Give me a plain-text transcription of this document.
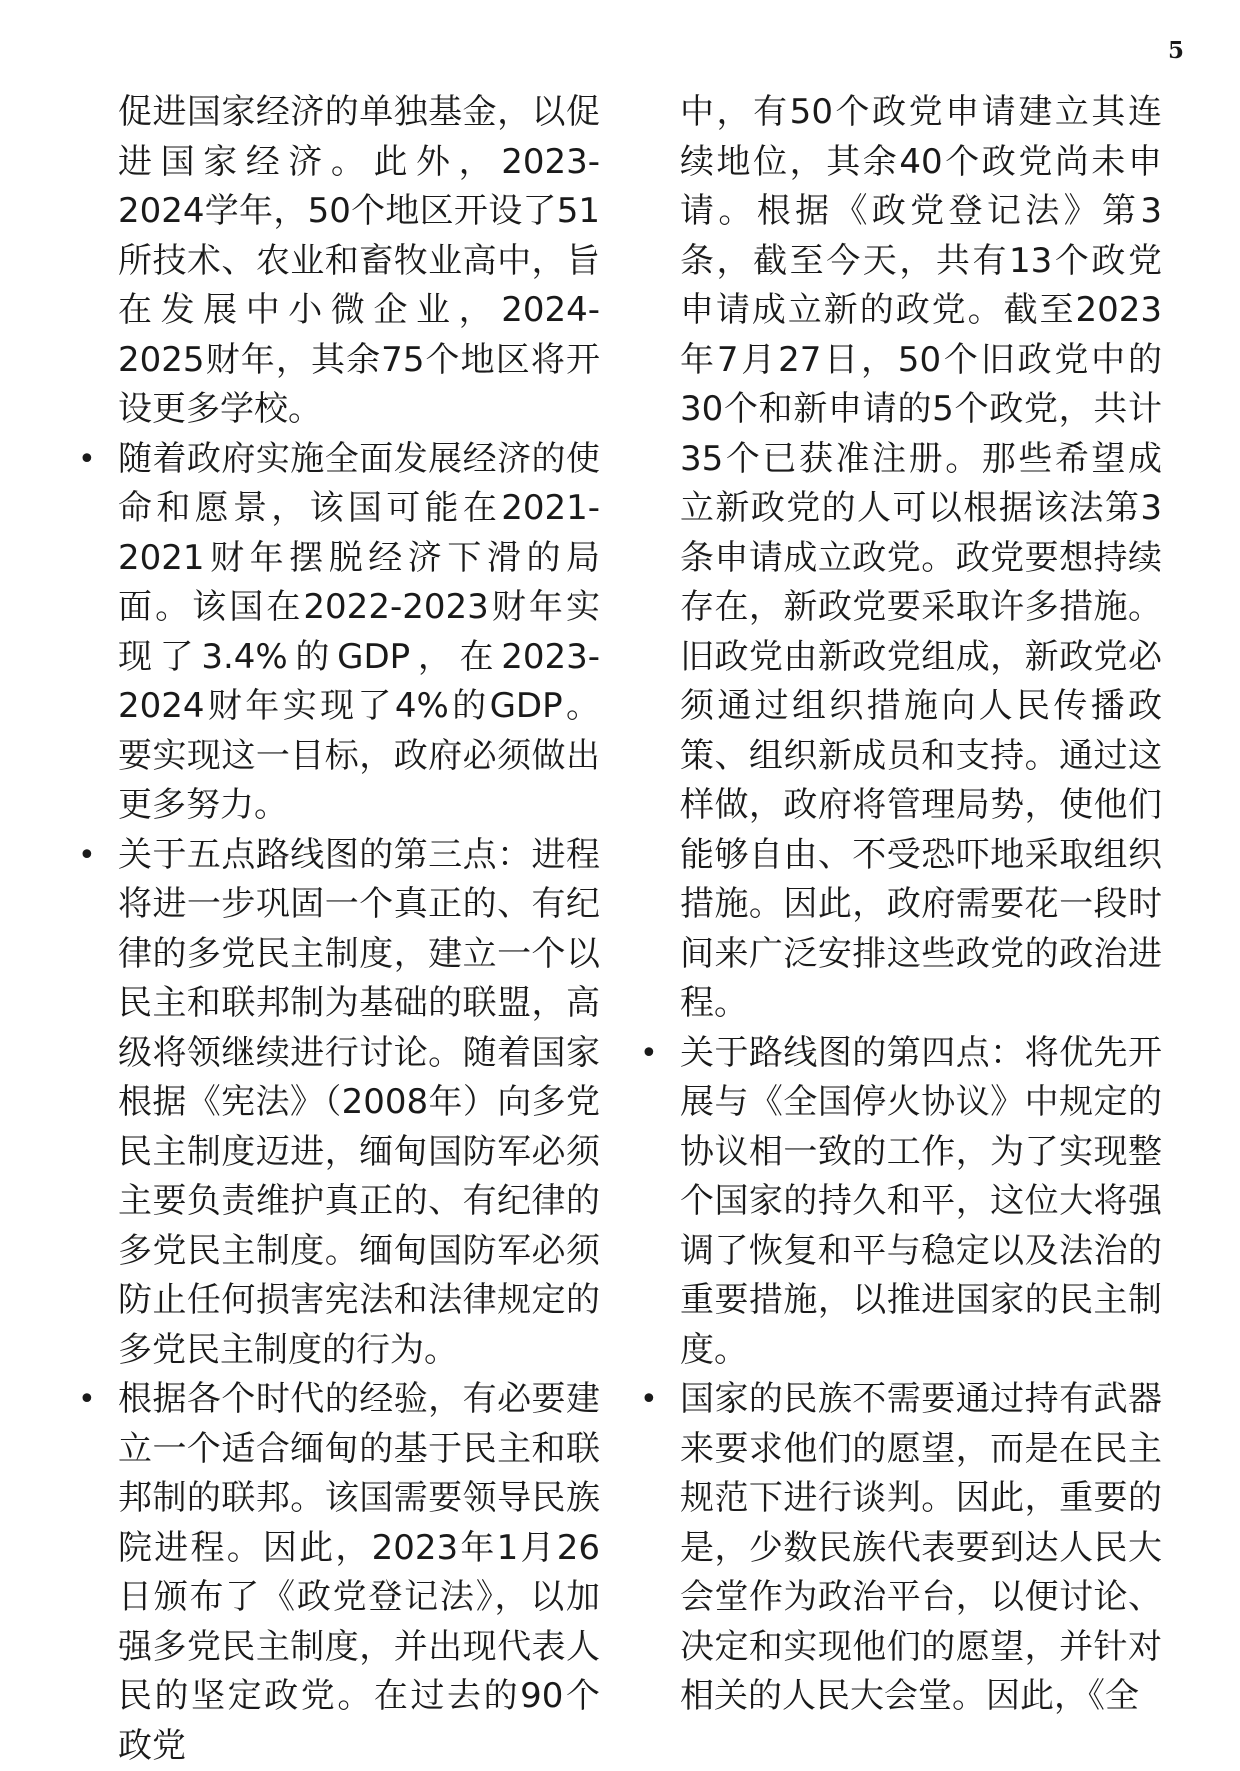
5

促进国家经济的单独基金，以促进国家经济。此外，2023-2024学年，50个地区开设了51所技术、农业和畜牧业高中，旨在发展中小微企业，2024-2025财年，其余75个地区将开设更多学校。

• 随着政府实施全面发展经济的使命和愿景，该国可能在2021-2021财年摆脱经济下滑的局面。该国在2022-2023财年实现了3.4%的GDP，在2023-2024财年实现了4%的GDP。要实现这一目标，政府必须做出更多努力。

• 关于五点路线图的第三点：进程将进一步巩固一个真正的、有纪律的多党民主制度，建立一个以民主和联邦制为基础的联盟，高级将领继续进行讨论。随着国家根据《宪法》（2008年）向多党民主制度迈进，缅甸国防军必须主要负责维护真正的、有纪律的多党民主制度。缅甸国防军必须防止任何损害宪法和法律规定的多党民主制度的行为。

• 根据各个时代的经验，有必要建立一个适合缅甸的基于民主和联邦制的联邦。该国需要领导民族院进程。因此，2023年1月26日颁布了《政党登记法》，以加强多党民主制度，并出现代表人民的坚定政党。在过去的90个政党

中，有50个政党申请建立其连续地位，其余40个政党尚未申请。根据《政党登记法》第3条，截至今天，共有13个政党申请成立新的政党。截至2023年7月27日，50个旧政党中的30个和新申请的5个政党，共计35个已获准注册。那些希望成立新政党的人可以根据该法第3条申请成立政党。政党要想持续存在，新政党要采取许多措施。旧政党由新政党组成，新政党必须通过组织措施向人民传播政策、组织新成员和支持。通过这样做，政府将管理局势，使他们能够自由、不受恐吓地采取组织措施。因此，政府需要花一段时间来广泛安排这些政党的政治进程。

• 关于路线图的第四点：将优先开展与《全国停火协议》中规定的协议相一致的工作，为了实现整个国家的持久和平，这位大将强调了恢复和平与稳定以及法治的重要措施，以推进国家的民主制度。

• 国家的民族不需要通过持有武器来要求他们的愿望，而是在民主规范下进行谈判。因此，重要的是，少数民族代表要到达人民大会堂作为政治平台，以便讨论、决定和实现他们的愿望，并针对相关的人民大会堂。因此，《全
